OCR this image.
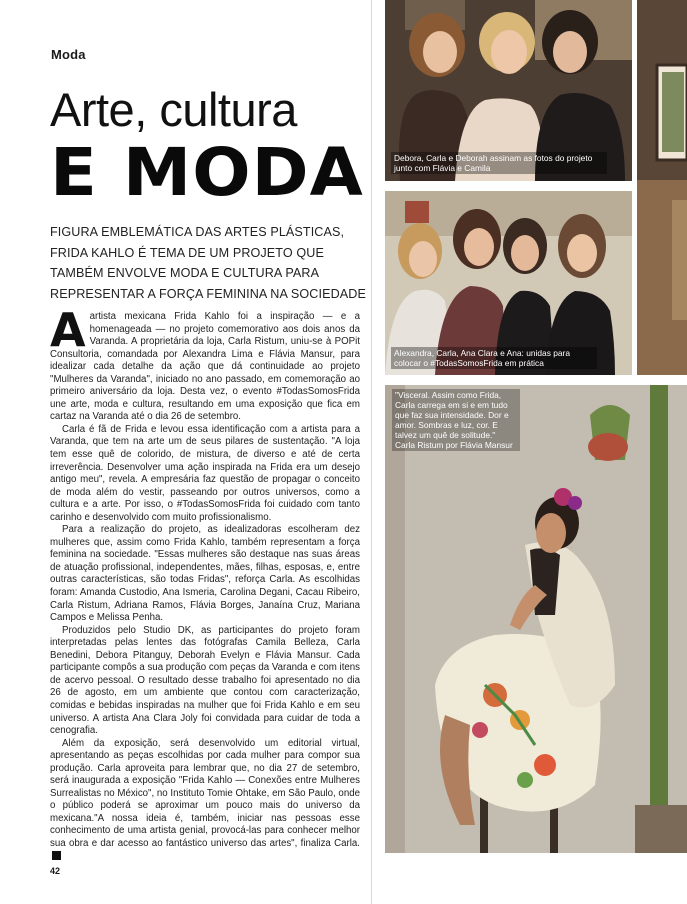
Moda
Arte, cultura
E MODA
FIGURA EMBLEMÁTICA DAS ARTES PLÁSTICAS, FRIDA KAHLO É TEMA DE UM PROJETO QUE TAMBÉM ENVOLVE MODA E CULTURA PARA REPRESENTAR A FORÇA FEMININA NA SOCIEDADE

Aartista mexicana Frida Kahlo foi a inspiração — e a homenageada — no projeto comemorativo aos dois anos da Varanda. A proprietária da loja, Carla Ristum, uniu-se à POPit Consultoria, comandada por Alexandra Lima e Flávia Mansur, para idealizar cada detalhe da ação que dá continuidade ao projeto "Mulheres da Varanda", iniciado no ano passado, em comemoração ao primeiro aniversário da loja. Desta vez, o evento #TodasSomosFrida une arte, moda e cultura, resultando em uma exposição que fica em cartaz na Varanda até o dia 26 de setembro.

Carla é fã de Frida e levou essa identificação com a artista para a Varanda, que tem na arte um de seus pilares de sustentação. "A loja tem esse quê de colorido, de mistura, de diverso e até de certa irreverência. Desenvolver uma ação inspirada na Frida era um desejo antigo meu", revela. A empresária faz questão de propagar o conceito de moda além do vestir, passeando por outros universos, como a cultura e a arte. Por isso, o #TodasSomosFrida foi cuidado com tanto carinho e desenvolvido com muito profissionalismo.

Para a realização do projeto, as idealizadoras escolheram dez mulheres que, assim como Frida Kahlo, também representam a força feminina na sociedade. "Essas mulheres são destaque nas suas áreas de atuação profissional, independentes, mães, filhas, esposas, e, entre outras características, são todas Fridas", reforça Carla. As escolhidas foram: Amanda Custodio, Ana Ismeria, Carolina Degani, Cacau Ribeiro, Carla Ristum, Adriana Ramos, Flávia Borges, Janaína Cruz, Mariana Campos e Melissa Penha.

Produzidos pelo Studio DK, as participantes do projeto foram interpretadas pelas lentes das fotógrafas Camila Belleza, Carla Benedini, Debora Pitanguy, Deborah Evelyn e Flávia Mansur. Cada participante compôs a sua produção com peças da Varanda e com itens de acervo pessoal. O resultado desse trabalho foi apresentado no dia 26 de agosto, em um ambiente que contou com caracterização, comidas e bebidas inspiradas na mulher que foi Frida Kahlo e em seu universo. A artista Ana Clara Joly foi convidada para cuidar de toda a cenografia.

Além da exposição, será desenvolvido um editorial virtual, apresentando as peças escolhidas por cada mulher para compor sua produção. Carla aproveita para lembrar que, no dia 27 de setembro, será inaugurada a exposição "Frida Kahlo — Conexões entre Mulheres Surrealistas no México", no Instituto Tomie Ohtake, em São Paulo, onde o público poderá se aproximar um pouco mais do universo da mexicana."A nossa ideia é, também, iniciar nas pessoas esse conhecimento de uma artista genial, provocá-las para conhecer melhor sua obra e dar acesso ao fantástico universo das artes", finaliza Carla.F

42
Debora, Carla e Deborah assinam as fotos do projeto junto com Flávia e Camila
Alexandra, Carla, Ana Clara e Ana: unidas para colocar o #TodasSomosFrida em prática
"Visceral. Assim como Frida, Carla carrega em si e em tudo que faz sua intensidade. Dor e amor. Sombras e luz, cor. E talvez um quê de solitude." Carla Ristum por Flávia Mansur
